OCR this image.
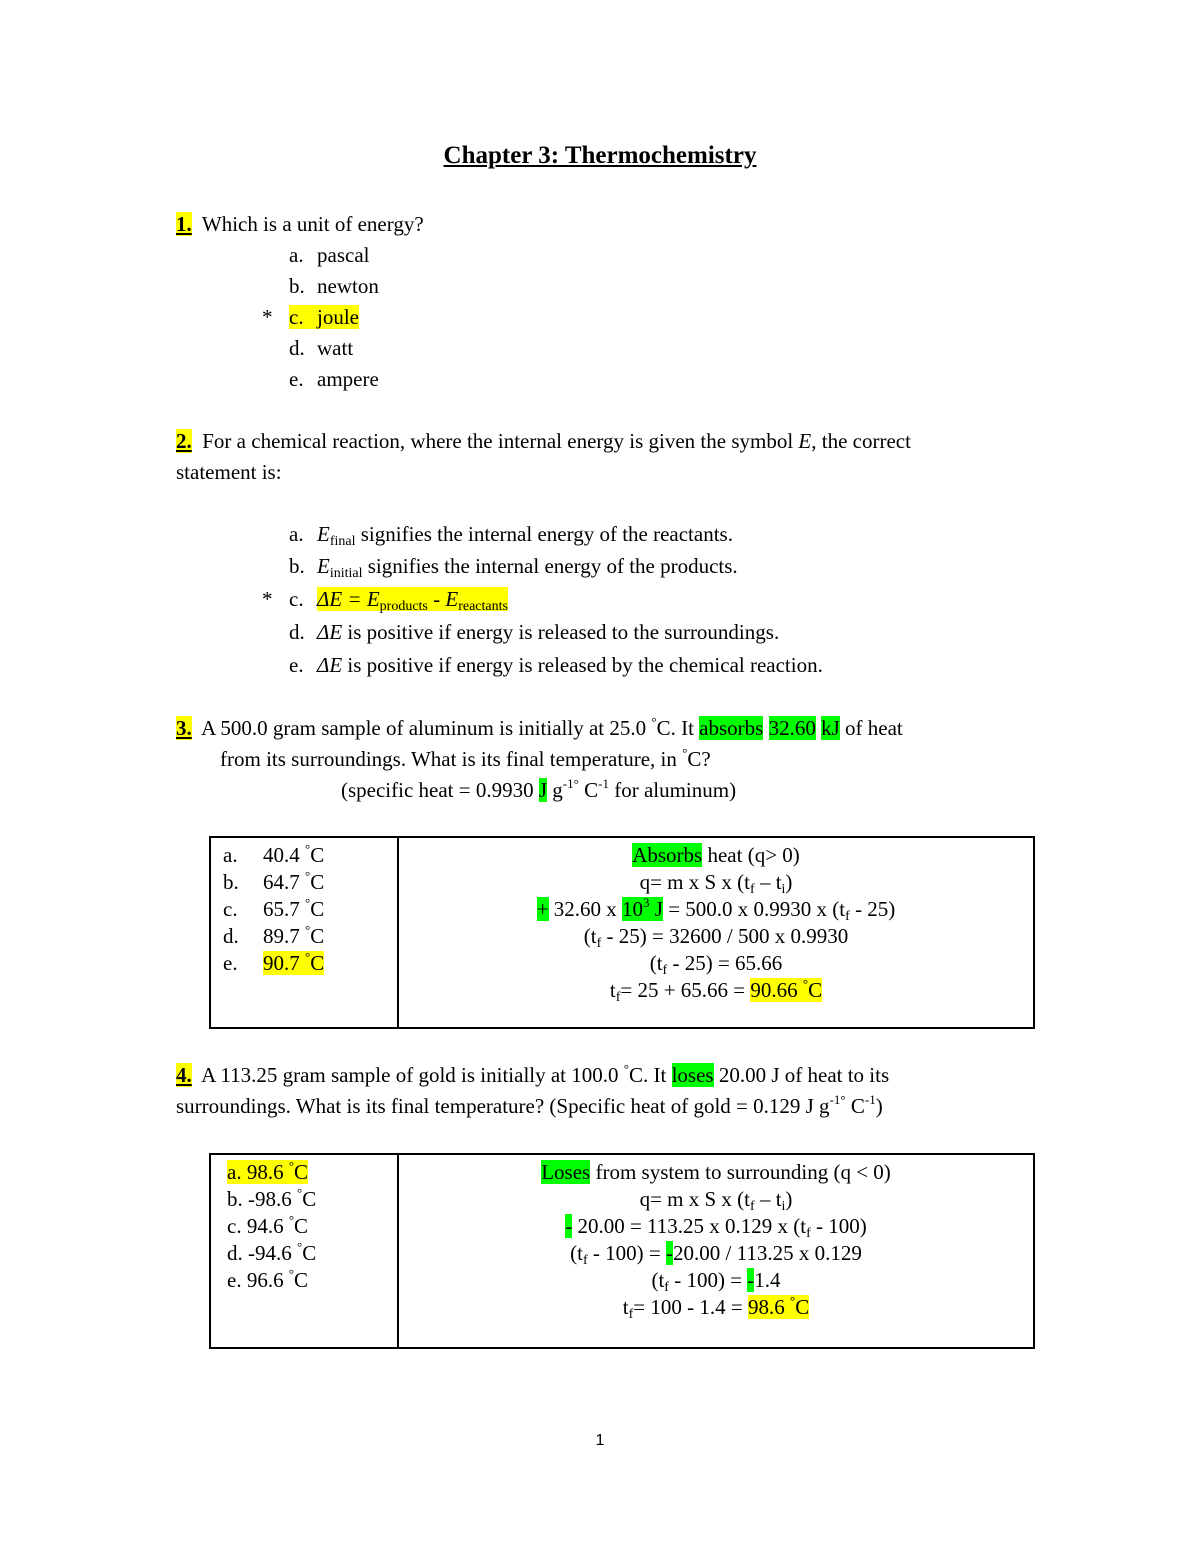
Chapter 3: Thermochemistry
1. Which is a unit of energy?
a. pascal
b. newton
* c. joule
d. watt
e. ampere
2. For a chemical reaction, where the internal energy is given the symbol E, the correct
statement is:
a. $E_{final}$ signifies the internal energy of the reactants.
b. $E_{initial}$ signifies the internal energy of the products.
* c. $\Delta E = E_{products} - E_{reactants}$
d. ΔE is positive if energy is released to the surroundings.
e. ΔE is positive if energy is released by the chemical reaction.
3. A 500.0 gram sample of aluminum is initially at 25.0 °C. It absorbs 32.60 kJ of heat
from its surroundings. What is its final temperature, in °C?
(specific heat = 0.9930 J $g^{-1^\circ}$ $C^{-1}$ for aluminum)
a. 40.4 °C
b. 64.7 °C
c. 65.7 °C
d. 89.7 °C
e. 90.7 °C
Absorbs heat (q> 0)
q= m x S x $(t_f - t_i)$
+ 32.60 x $10^3$ J = 500.0 x 0.9930 x $(t_f - 25)$
$(t_f - 25) = 32600 / 500$ x 0.9930
$(t_f - 25) = 65.66$
$t_f= 25 + 65.66 = 90.66$ °C
4. A 113.25 gram sample of gold is initially at 100.0 °C. It loses 20.00 J of heat to its
surroundings. What is its final temperature? (Specific heat of gold = 0.129 J $g^{-1^\circ}$ $C^{-1}$)
a. 98.6 °C
b. -98.6 °C
c. 94.6 °C
d. -94.6 °C
e. 96.6 °C
Loses from system to surrounding (q < 0)
q= m x S x $(t_f - t_i)$
- 20.00 = 113.25 x 0.129 x $(t_f - 100)$
$(t_f - 100) = -20.00 / 113.25$ x 0.129
$(t_f - 100) = -1.4$
$t_f= 100 - 1.4 = 98.6$ °C
1
